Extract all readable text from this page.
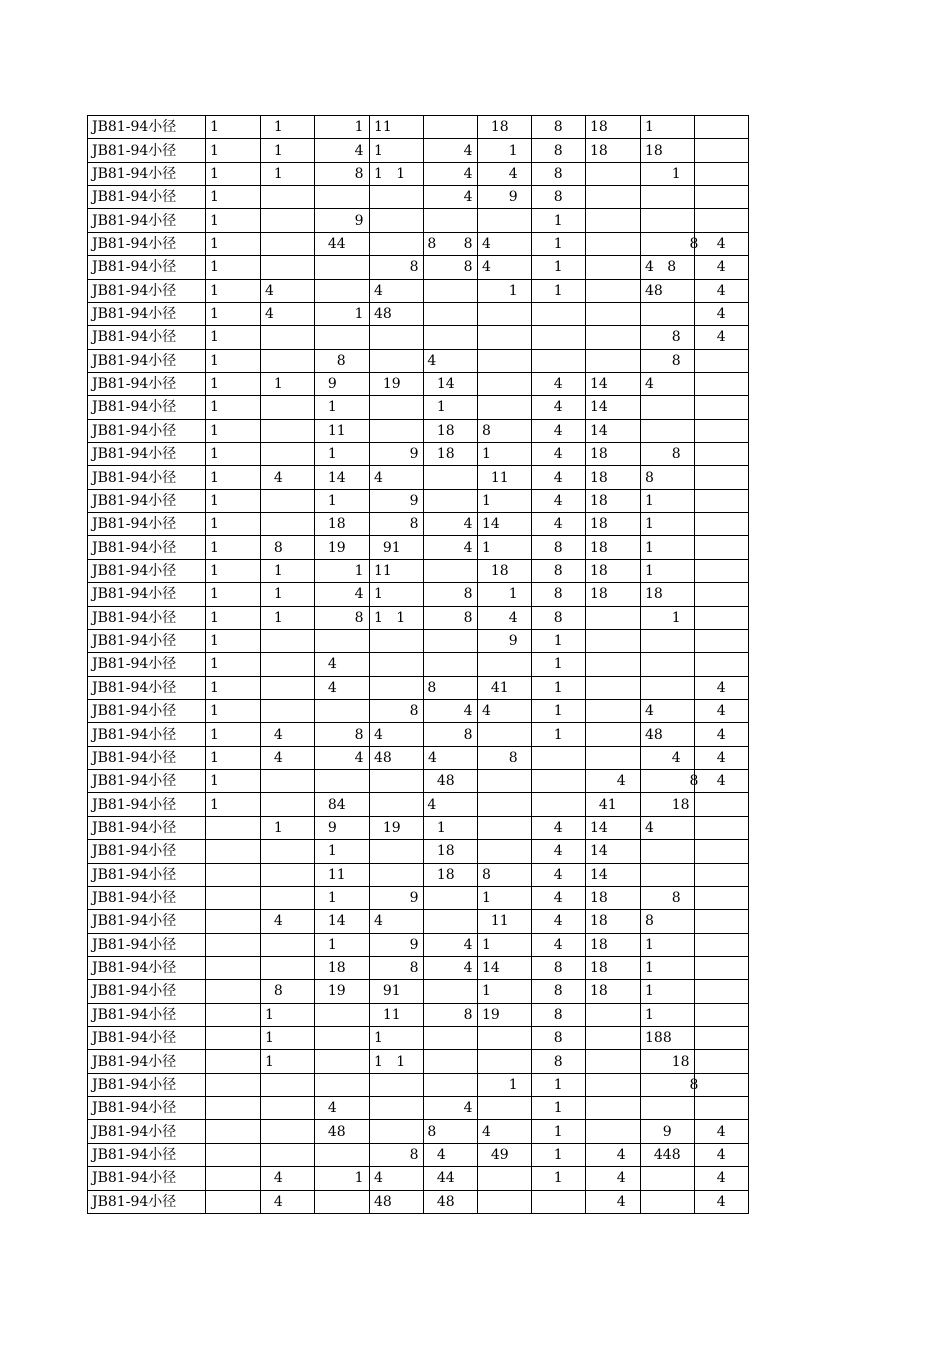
JB81-94小径	1	1	1	11		18	8	18	1	
JB81-94小径	1	1	4	1	4	1	8	18	18	
JB81-94小径	1	1	8	1   1	4	4	8		1	
JB81-94小径	1				4	9	8			
JB81-94小径	1		9				1			
JB81-94小径	1		44	8	8	4	1		8	4
JB81-94小径	1			8	8	4	1		4   8	4
JB81-94小径	1	4		4		1	1		48	4
JB81-94小径	1	4	1	48						4
JB81-94小径	1								8	4
JB81-94小径	1		8	4					8	
JB81-94小径	1	1	9	19	14		4	14	4	
JB81-94小径	1		1		1		4	14		
JB81-94小径	1		11		18	8	4	14		
JB81-94小径	1		1	9	18	1	4	18	8	
JB81-94小径	1	4	14	4		11	4	18	8	
JB81-94小径	1		1	9		1	4	18	1	
JB81-94小径	1		18	8	4	14	4	18	1	
JB81-94小径	1	8	19	91	4	1	8	18	1	
JB81-94小径	1	1	1	11		18	8	18	1	
JB81-94小径	1	1	4	1	8	1	8	18	18	
JB81-94小径	1	1	8	1   1	8	4	8		1	
JB81-94小径	1					9	1			
JB81-94小径	1		4				1			
JB81-94小径	1		4	8		41	1			4
JB81-94小径	1			8	4	4	1		4	4
JB81-94小径	1	4	8	4	8		1		48	4
JB81-94小径	1	4	4	48	4	8			4	4
JB81-94小径	1				48			4	8	4
JB81-94小径	1		84	4				41	18	
JB81-94小径		1	9	19	1		4	14	4	
JB81-94小径			1		18		4	14		
JB81-94小径			11		18	8	4	14		
JB81-94小径			1	9		1	4	18	8	
JB81-94小径		4	14	4		11	4	18	8	
JB81-94小径			1	9	4	1	4	18	1	
JB81-94小径			18	8	4	14	8	18	1	
JB81-94小径		8	19	91		1	8	18	1	
JB81-94小径		1		11	8	19	8		1	
JB81-94小径		1		1			8		188	
JB81-94小径		1		1   1			8		18	
JB81-94小径						1	1		8	
JB81-94小径			4		4		1			
JB81-94小径			48	8		4	1		9	4
JB81-94小径				8	4	49	1	4	448	4
JB81-94小径		4	1	4	44		1	4		4
JB81-94小径		4		48	48			4		4
